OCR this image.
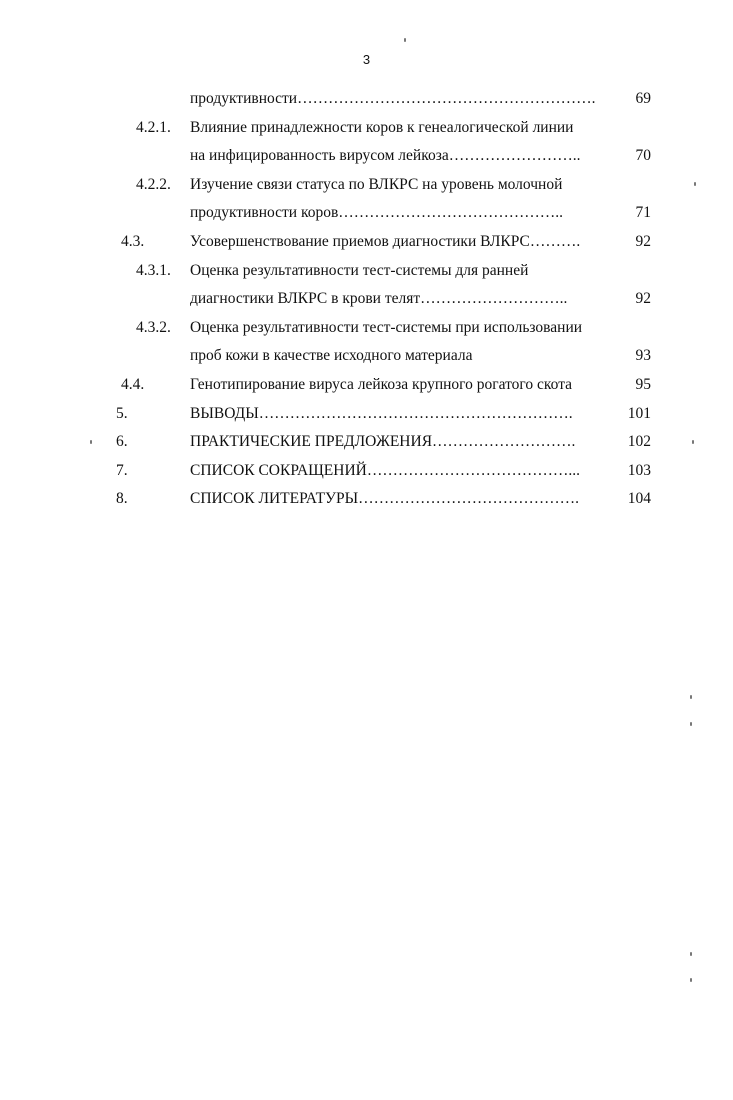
3
продуктивности………………………………………………….	69
4.2.1. Влияние принадлежности коров к генеалогической линии
на инфицированность вирусом лейкоза……………………..	70
4.2.2. Изучение связи статуса по ВЛКРС на уровень молочной
продуктивности коров……………………………………..	71
4.3.	Усовершенствование приемов диагностики ВЛКРС……….	92
4.3.1. Оценка результативности тест-системы для ранней
диагностики ВЛКРС в крови телят………………………..	92
4.3.2. Оценка результативности тест-системы при использовании
проб кожи в качестве исходного материала	93
4.4.	Генотипирование вируса лейкоза крупного рогатого скота	95
5.	ВЫВОДЫ…………………………………………………….	101
6.	ПРАКТИЧЕСКИЕ ПРЕДЛОЖЕНИЯ……………………….	102
7.	СПИСОК СОКРАЩЕНИЙ…………………………………...	103
8.	СПИСОК ЛИТЕРАТУРЫ…………………………………….	104
